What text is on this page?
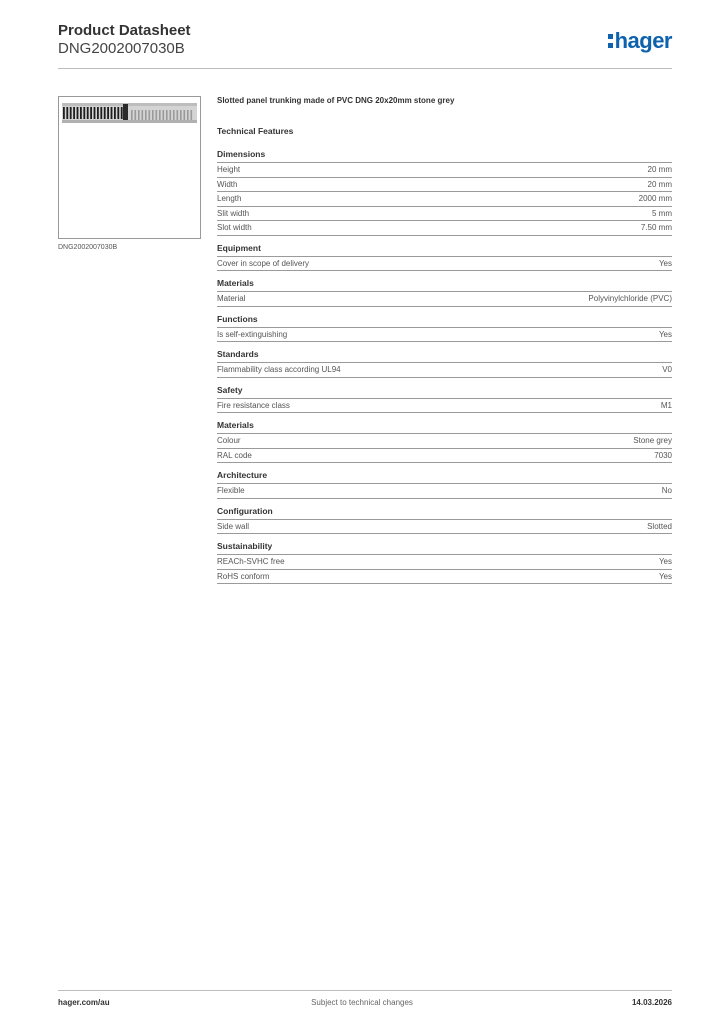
Product Datasheet
DNG2002007030B	hager
DNG2002007030B

Slotted panel trunking made of PVC DNG 20x20mm stone grey

Technical Features

Dimensions
Height	20 mm
Width	20 mm
Length	2000 mm
Slit width	5 mm
Slot width	7.50 mm
Equipment
Cover in scope of delivery	Yes
Materials
Material	Polyvinylchloride (PVC)
Functions
Is self-extinguishing	Yes
Standards
Flammability class according UL94	V0
Safety
Fire resistance class	M1
Materials
Colour	Stone grey
RAL code	7030
Architecture
Flexible	No
Configuration
Side wall	Slotted
Sustainability
REACh-SVHC free	Yes
RoHS conform	Yes
hager.com/au	Subject to technical changes	14.03.2026
